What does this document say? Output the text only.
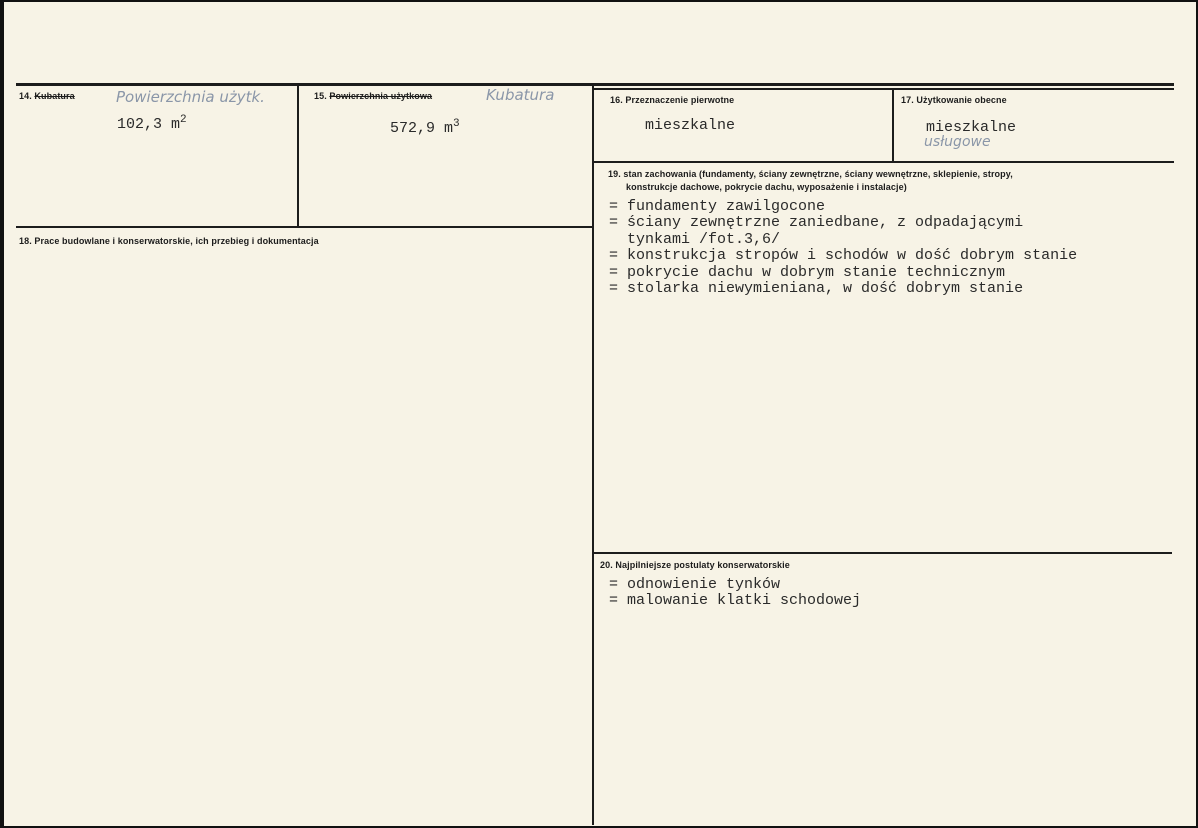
14. Kubatura	Powierzchnia użytk.
102,3 $m^2$
15. Powierzchnia użytkowa	Kubatura
572,9 $m^3$
16. Przeznaczenie pierwotne
mieszkalne
17. Użytkowanie obecne
mieszkalne
usługowe
18. Prace budowlane i konserwatorskie, ich przebieg i dokumentacja
19. stan zachowania (fundamenty, ściany zewnętrzne, ściany wewnętrzne, sklepienie, stropy,
konstrukcje dachowe, pokrycie dachu, wyposażenie i instalacje)
= fundamenty zawilgocone
= ściany zewnętrzne zaniedbane, z odpadającymi
tynkami /fot.3,6/
= konstrukcja stropów i schodów w dość dobrym stanie
= pokrycie dachu w dobrym stanie technicznym
= stolarka niewymieniana, w dość dobrym stanie
20. Najpilniejsze postulaty konserwatorskie
= odnowienie tynków
= malowanie klatki schodowej
